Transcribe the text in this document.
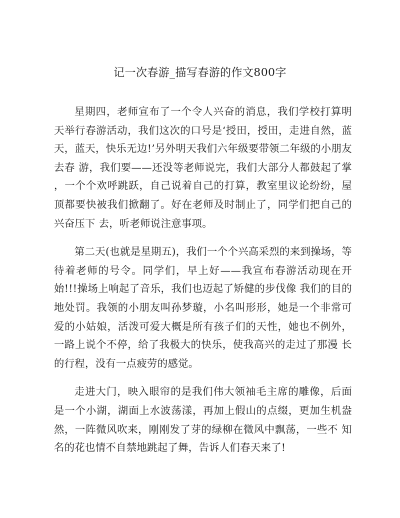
记一次春游_描写春游的作文800字

星期四，老师宣布了一个令人兴奋的消息，我们学校打算明天举行春游活动，我们这次的口号是‘授田，授田，走进自然，蓝天，蓝天，快乐无边!’另外明天我们六年级要带领二年级的小朋友去春 游，我们要——还没等老师说完，我们大部分人都鼓起了掌 ，一个个欢呼跳跃，自己说着自己的打算，教室里议论纷纷，屋顶都要快被我们掀翻了。好在老师及时制止了，同学们把自己的兴奋压下 去，听老师说注意事项。

第二天(也就是星期五)，我们一个个兴高采烈的来到操场，等待着老师的号令。同学们，早上好——我宣布春游活动现在开始!!!操场上响起了音乐，我们也迈起了矫健的步伐像 我们的目的地处罚。我领的小朋友叫孙梦璇，小名叫形形，她是一个非常可爱的小姑娘，活泼可爱大概是所有孩子们的天性，她也不例外，一路上说个不停，给了我极大的快乐，使我高兴的走过了那漫 长的行程，没有一点疲劳的感觉。

走进大门，映入眼帘的是我们伟大领袖毛主席的雕像，后面是一个小湖，湖面上水波荡漾，再加上假山的点缀，更加生机盎然，一阵微风吹来，刚刚发了芽的绿柳在微风中飘荡，一些不 知名的花也情不自禁地跳起了舞，告诉人们春天来了!
